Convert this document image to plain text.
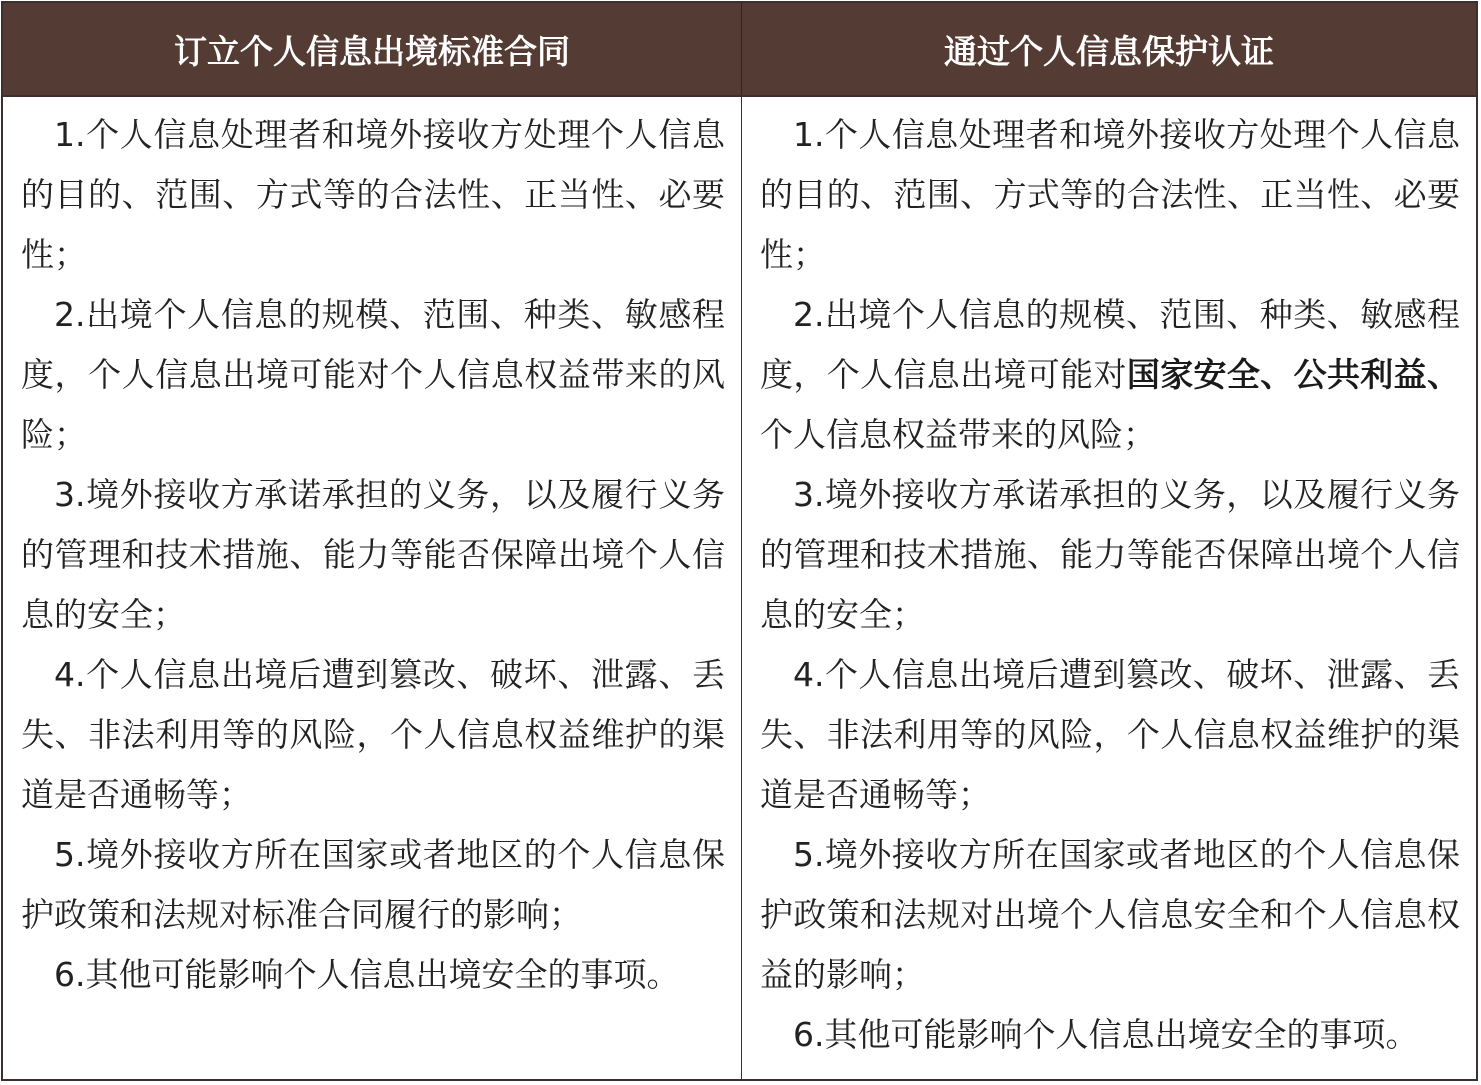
订立个人信息出境标准合同	通过个人信息保护认证

1.个人信息处理者和境外接收方处理个人信息的目的、范围、方式等的合法性、正当性、必要性；

2.出境个人信息的规模、范围、种类、敏感程度，个人信息出境可能对个人信息权益带来的风险；

3.境外接收方承诺承担的义务，以及履行义务的管理和技术措施、能力等能否保障出境个人信息的安全；

4.个人信息出境后遭到篡改、破坏、泄露、丢失、非法利用等的风险，个人信息权益维护的渠道是否通畅等；

5.境外接收方所在国家或者地区的个人信息保护政策和法规对标准合同履行的影响；

6.其他可能影响个人信息出境安全的事项。

1.个人信息处理者和境外接收方处理个人信息的目的、范围、方式等的合法性、正当性、必要性；

2.出境个人信息的规模、范围、种类、敏感程度，个人信息出境可能对国家安全、公共利益、个人信息权益带来的风险；

3.境外接收方承诺承担的义务，以及履行义务的管理和技术措施、能力等能否保障出境个人信息的安全；

4.个人信息出境后遭到篡改、破坏、泄露、丢失、非法利用等的风险，个人信息权益维护的渠道是否通畅等；

5.境外接收方所在国家或者地区的个人信息保护政策和法规对出境个人信息安全和个人信息权益的影响；

6.其他可能影响个人信息出境安全的事项。
